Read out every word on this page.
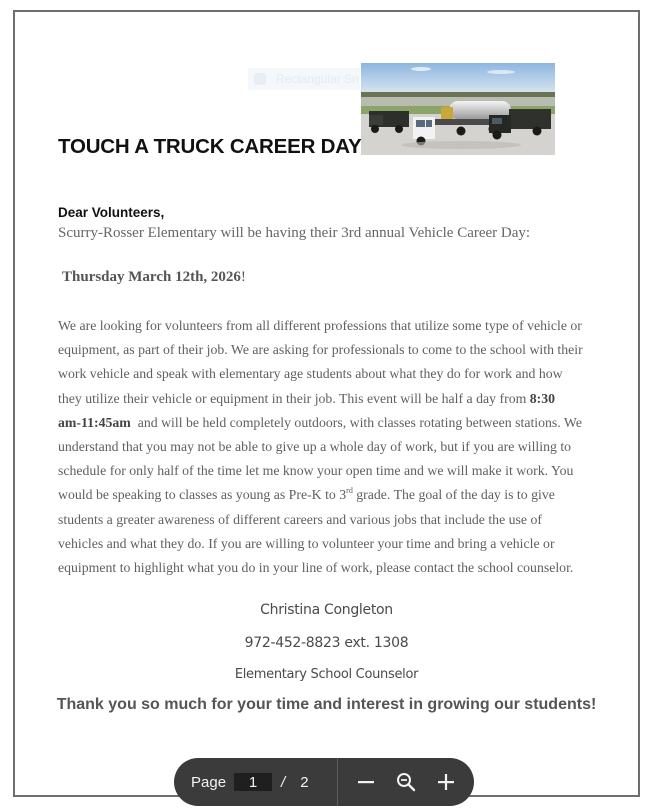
Rectangular Sn
TOUCH A TRUCK CAREER DAY
Dear Volunteers,
Scurry-Rosser Elementary will be having their 3rd annual Vehicle Career Day:
Thursday March 12th, 2026!
We are looking for volunteers from all different professions that utilize some type of vehicle or
equipment, as part of their job. We are asking for professionals to come to the school with their
work vehicle and speak with elementary age students about what they do for work and how
they utilize their vehicle or equipment in their job. This event will be half a day from 8:30
am-11:45am  and will be held completely outdoors, with classes rotating between stations. We
understand that you may not be able to give up a whole day of work, but if you are willing to
schedule for only half of the time let me know your open time and we will make it work. You
would be speaking to classes as young as Pre-K to 3rd grade. The goal of the day is to give
students a greater awareness of different careers and various jobs that include the use of
vehicles and what they do. If you are willing to volunteer your time and bring a vehicle or
equipment to highlight what you do in your line of work, please contact the school counselor.
Christina Congleton
972-452-8823 ext. 1308
Elementary School Counselor
Thank you so much for your time and interest in growing our students!
Page
1	/ 2
